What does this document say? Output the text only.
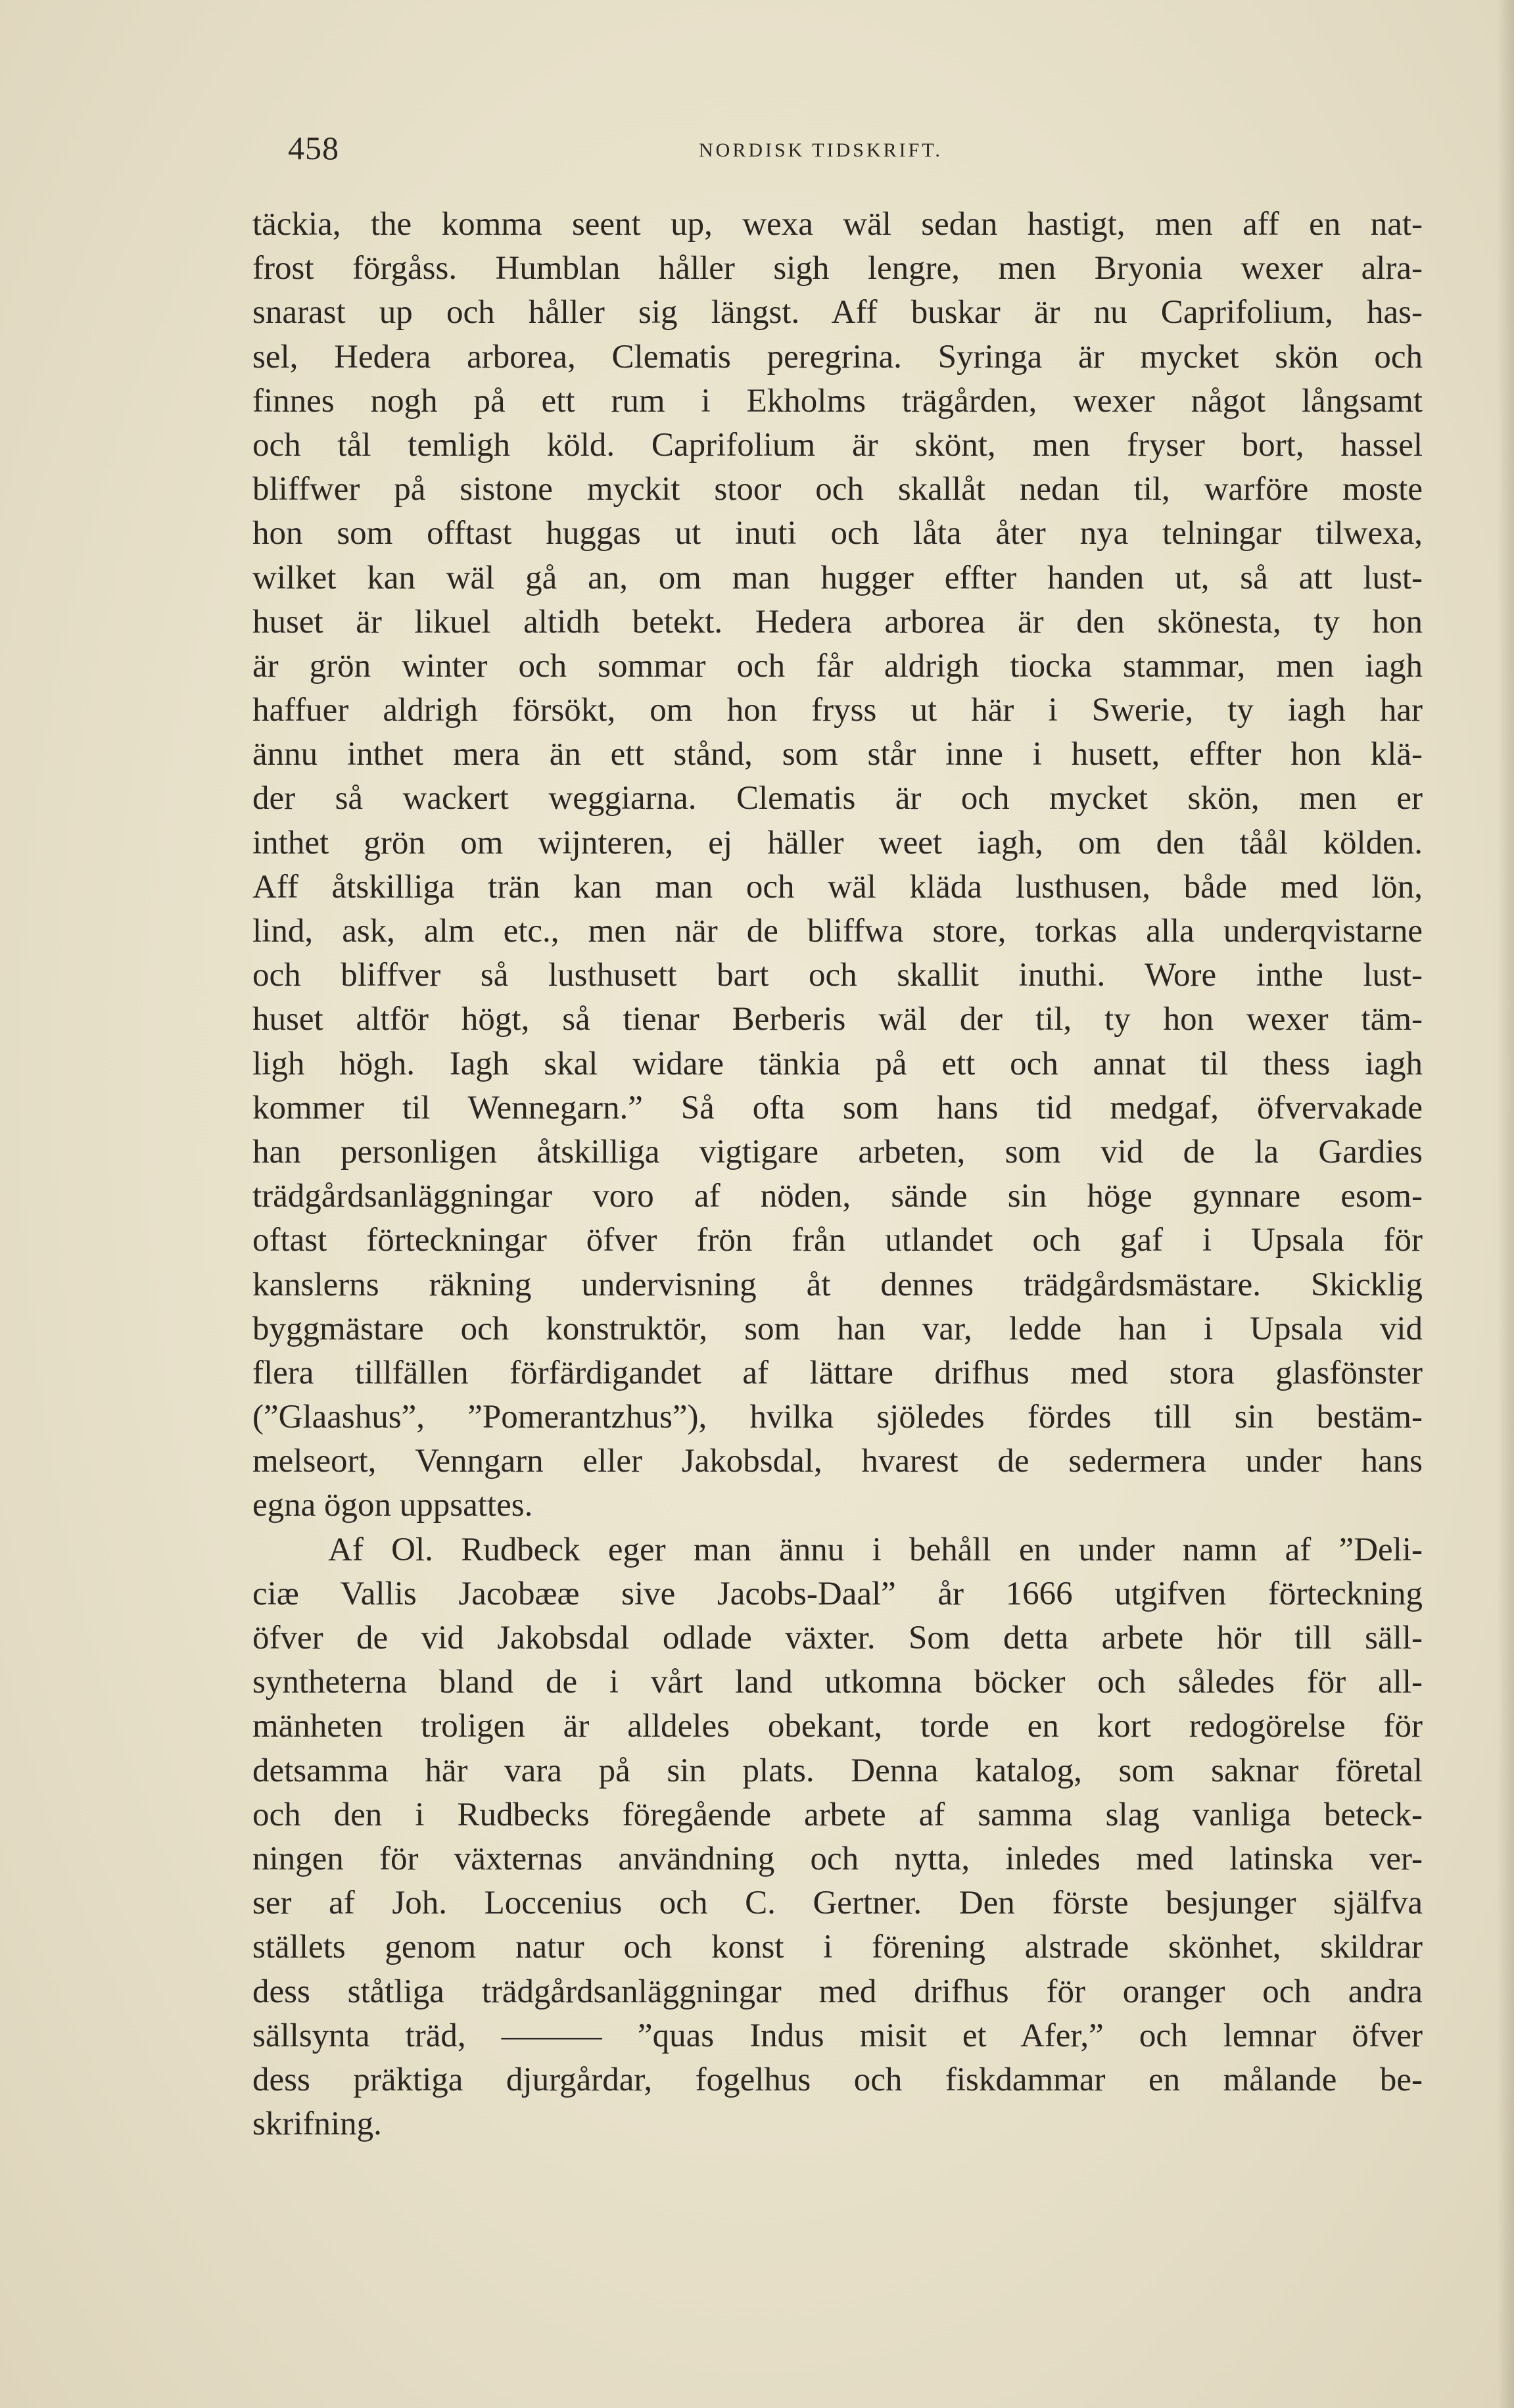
458	NORDISK TIDSKRIFT.
täckia, the komma seent up, wexa wäl sedan hastigt, men aff en nat-
frost förgåss. Humblan håller sigh lengre, men Bryonia wexer alra-
snarast up och håller sig längst. Aff buskar är nu Caprifolium, has-
sel, Hedera arborea, Clematis peregrina. Syringa är mycket skön och
finnes nogh på ett rum i Ekholms trägården, wexer något långsamt
och tål temligh köld. Caprifolium är skönt, men fryser bort, hassel
bliffwer på sistone myckit stoor och skallåt nedan til, warföre moste
hon som offtast huggas ut inuti och låta åter nya telningar tilwexa,
wilket kan wäl gå an, om man hugger effter handen ut, så att lust-
huset är likuel altidh betekt. Hedera arborea är den skönesta, ty hon
är grön winter och sommar och får aldrigh tiocka stammar, men iagh
haffuer aldrigh försökt, om hon fryss ut här i Swerie, ty iagh har
ännu inthet mera än ett stånd, som står inne i husett, effter hon klä-
der så wackert weggiarna. Clematis är och mycket skön, men er
inthet grön om wijnteren, ej häller weet iagh, om den tåål kölden.
Aff åtskilliga trän kan man och wäl kläda lusthusen, både med lön,
lind, ask, alm etc., men när de bliffwa store, torkas alla underqvistarne
och bliffver så lusthusett bart och skallit inuthi. Wore inthe lust-
huset altför högt, så tienar Berberis wäl der til, ty hon wexer täm-
ligh högh. Iagh skal widare tänkia på ett och annat til thess iagh
kommer til Wennegarn.” Så ofta som hans tid medgaf, öfvervakade
han personligen åtskilliga vigtigare arbeten, som vid de la Gardies
trädgårdsanläggningar voro af nöden, sände sin höge gynnare esom-
oftast förteckningar öfver frön från utlandet och gaf i Upsala för
kanslerns räkning undervisning åt dennes trädgårdsmästare. Skicklig
byggmästare och konstruktör, som han var, ledde han i Upsala vid
flera tillfällen förfärdigandet af lättare drifhus med stora glasfönster
(”Glaashus”, ”Pomerantzhus”), hvilka sjöledes fördes till sin bestäm-
melseort, Venngarn eller Jakobsdal, hvarest de sedermera under hans
egna ögon uppsattes.
Af Ol. Rudbeck eger man ännu i behåll en under namn af ”Deli-
ciæ Vallis Jacobææ sive Jacobs-Daal” år 1666 utgifven förteckning
öfver de vid Jakobsdal odlade växter. Som detta arbete hör till säll-
syntheterna bland de i vårt land utkomna böcker och således för all-
mänheten troligen är alldeles obekant, torde en kort redogörelse för
detsamma här vara på sin plats. Denna katalog, som saknar företal
och den i Rudbecks föregående arbete af samma slag vanliga beteck-
ningen för växternas användning och nytta, inledes med latinska ver-
ser af Joh. Loccenius och C. Gertner. Den förste besjunger själfva
ställets genom natur och konst i förening alstrade skönhet, skildrar
dess ståtliga trädgårdsanläggningar med drifhus för oranger och andra
sällsynta träd, ——— ”quas Indus misit et Afer,” och lemnar öfver
dess präktiga djurgårdar, fogelhus och fiskdammar en målande be-
skrifning.
